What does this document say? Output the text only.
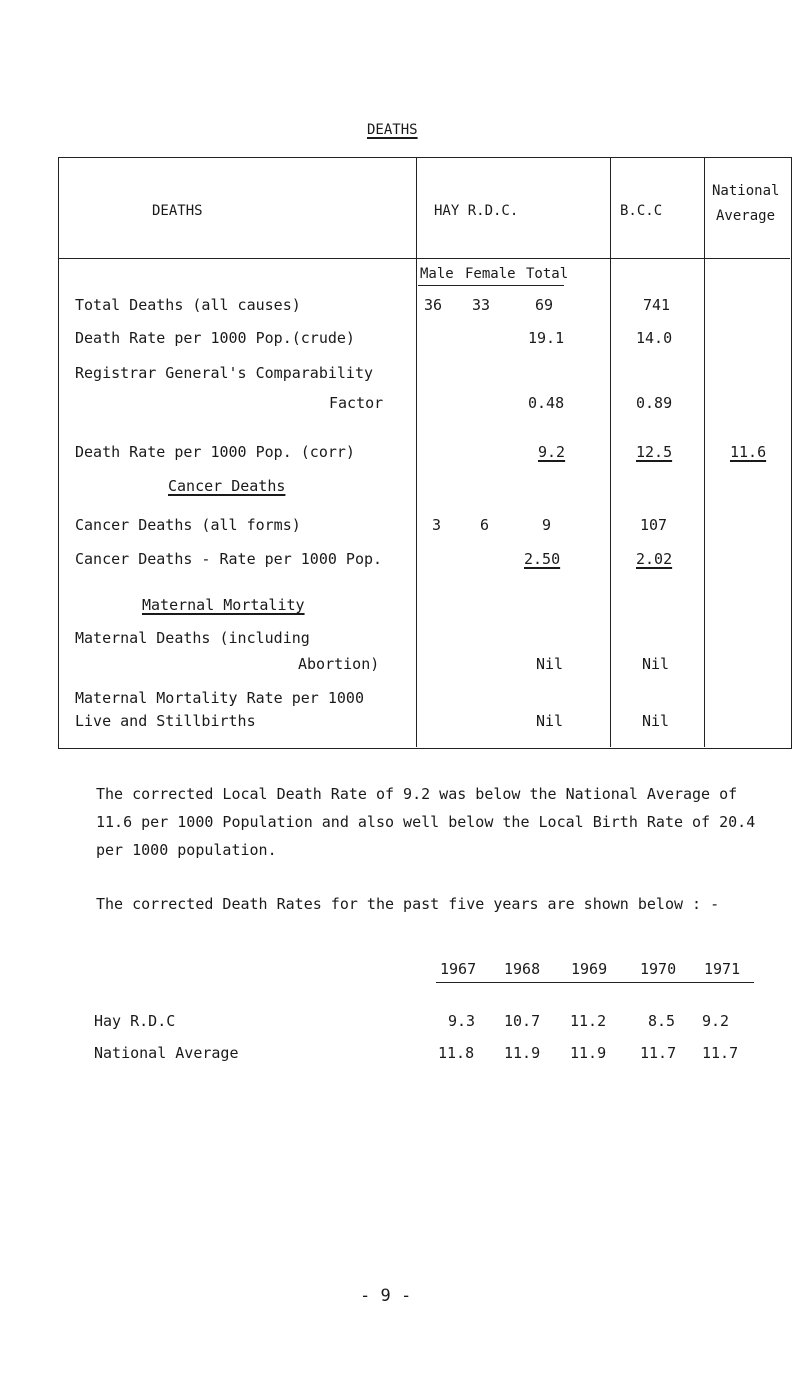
DEATHS
DEATHS	HAY R.D.C.	B.C.C
National
Average
Male Female Total
Total Deaths (all causes)	36 33	69	741
Death Rate per 1000 Pop.(crude)	19.1	14.0
Registrar General's Comparability
Factor	0.48	0.89
Death Rate per 1000 Pop. (corr)	9.2	12.5	11.6
Cancer Deaths
Cancer Deaths (all forms)	3	6	9	107
Cancer Deaths - Rate per 1000 Pop.	2.50	2.02
Maternal Mortality
Maternal Deaths (including
Abortion)	Nil	Nil
Maternal Mortality Rate per 1000
Live and Stillbirths	Nil	Nil
The corrected Local Death Rate of 9.2 was below the National Average of 11.6 per 1000 Population and also well below the Local Birth Rate of 20.4 per 1000 population.
The corrected Death Rates for the past five years are shown below : -
1967 1968 1969 1970 1971
Hay R.D.C	9.3 10.7 11.2	8.5 9.2
National Average	11.8 11.9 11.9 11.7 11.7
- 9 -
